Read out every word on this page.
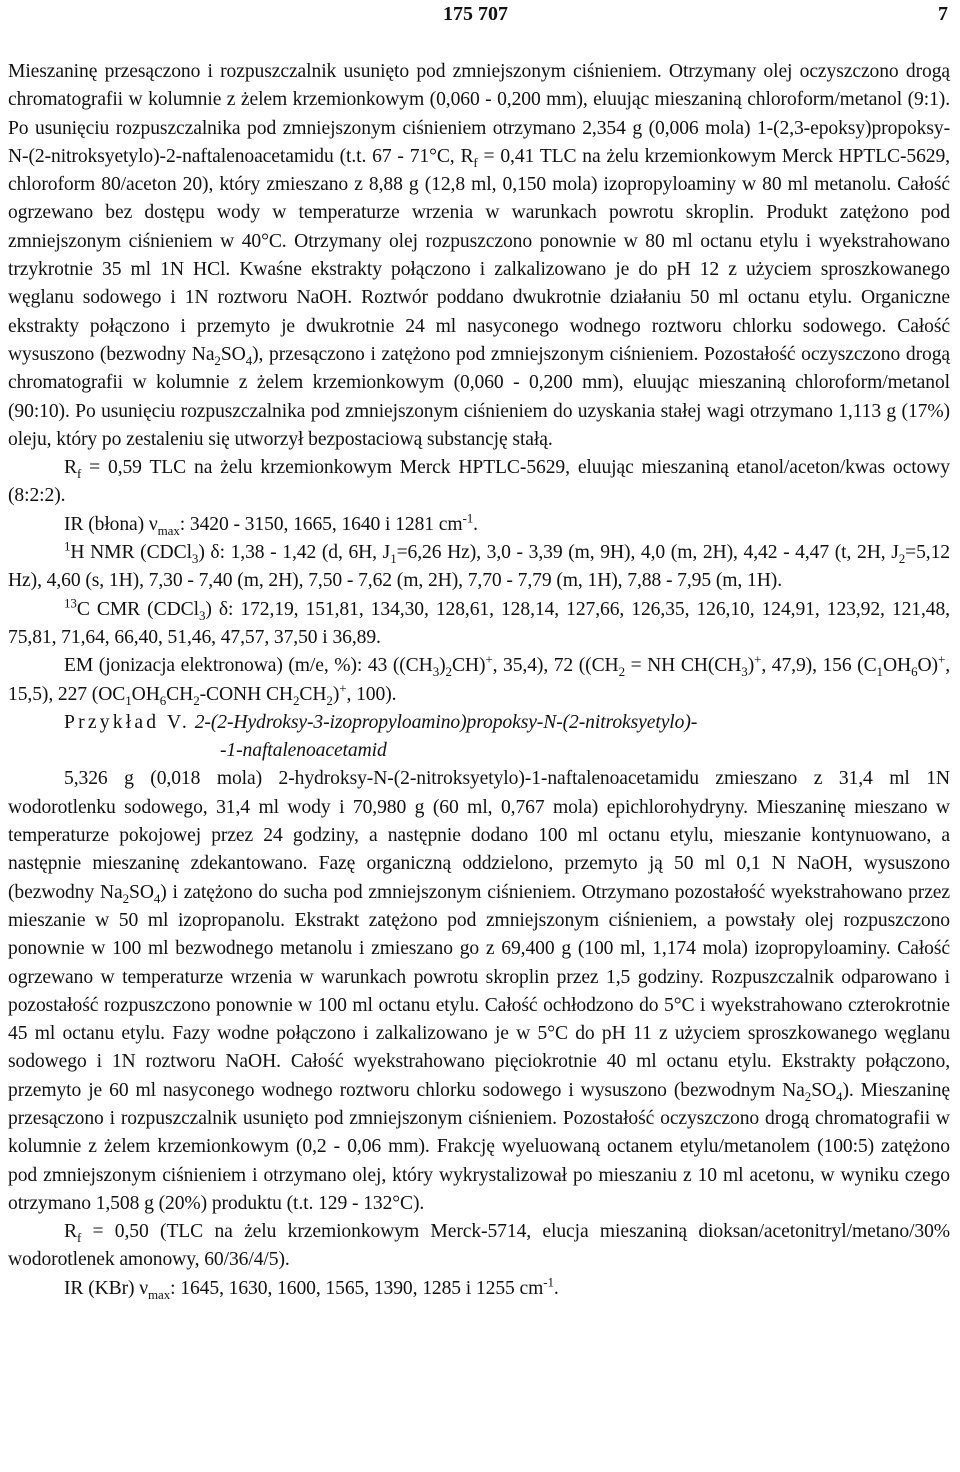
175 707	7

Mieszaninę przesączono i rozpuszczalnik usunięto pod zmniejszonym ciśnieniem. Otrzymany olej oczyszczono drogą chromatografii w kolumnie z żelem krzemionkowym (0,060 - 0,200 mm), eluując mieszaniną chloroform/metanol (9:1). Po usunięciu rozpuszczalnika pod zmniejszonym ciśnieniem otrzymano 2,354 g (0,006 mola) 1-(2,3-epoksy)propoksy-N-(2-nitroksyetylo)-2-naftalenoacetamidu (t.t. 67 - 71°C, $R_f = 0,41$ TLC na żelu krzemionkowym Merck HPTLC-5629, chloroform 80/aceton 20), który zmieszano z 8,88 g (12,8 ml, 0,150 mola) izopropyloaminy w 80 ml metanolu. Całość ogrzewano bez dostępu wody w temperaturze wrzenia w warunkach powrotu skroplin. Produkt zatężono pod zmniejszonym ciśnieniem w 40°C. Otrzymany olej rozpuszczono ponownie w 80 ml octanu etylu i wyekstrahowano trzykrotnie 35 ml 1N HCl. Kwaśne ekstrakty połączono i zalkalizowano je do pH 12 z użyciem sproszkowanego węglanu sodowego i 1N roztworu NaOH. Roztwór poddano dwukrotnie działaniu 50 ml octanu etylu. Organiczne ekstrakty połączono i przemyto je dwukrotnie 24 ml nasyconego wodnego roztworu chlorku sodowego. Całość wysuszono (bezwodny $Na_2SO_4$), przesączono i zatężono pod zmniejszonym ciśnieniem. Pozostałość oczyszczono drogą chromatografii w kolumnie z żelem krzemionkowym (0,060 - 0,200 mm), eluując mieszaniną chloroform/metanol (90:10). Po usunięciu rozpuszczalnika pod zmniejszonym ciśnieniem do uzyskania stałej wagi otrzymano 1,113 g (17%) oleju, który po zestaleniu się utworzył bezpostaciową substancję stałą.

$R_f = 0,59$ TLC na żelu krzemionkowym Merck HPTLC-5629, eluując mieszaniną etanol/aceton/kwas octowy (8:2:2).

IR (błona) $\nu_{max}$: 3420 - 3150, 1665, 1640 i 1281 $cm^{-1}$.

$^1$H NMR (CDCl$_3$) δ: 1,38 - 1,42 (d, 6H, $J_1=6,26$ Hz), 3,0 - 3,39 (m, 9H), 4,0 (m, 2H), 4,42 - 4,47 (t, 2H, $J_2=5,12$ Hz), 4,60 (s, 1H), 7,30 - 7,40 (m, 2H), 7,50 - 7,62 (m, 2H), 7,70 - 7,79 (m, 1H), 7,88 - 7,95 (m, 1H).

$^{13}$C CMR (CDCl$_3$) δ: 172,19, 151,81, 134,30, 128,61, 128,14, 127,66, 126,35, 126,10, 124,91, 123,92, 121,48, 75,81, 71,64, 66,40, 51,46, 47,57, 37,50 i 36,89.

EM (jonizacja elektronowa) (m/e, %): 43 $((CH_3)_2CH)^+$, 35,4), 72 (($CH_2$ = NH $CH(CH_3)^+$, 47,9), 156 $(C_1OH_6O)^+$, 15,5), 227 ($OC_1OH_6CH_2$-CONH $CH_2CH_2)^+$, 100).

Przykład V. 2-(2-Hydroksy-3-izopropyloamino)propoksy-N-(2-nitroksyetylo)-

-1-naftalenoacetamid

5,326 g (0,018 mola) 2-hydroksy-N-(2-nitroksyetylo)-1-naftalenoacetamidu zmieszano z 31,4 ml 1N wodorotlenku sodowego, 31,4 ml wody i 70,980 g (60 ml, 0,767 mola) epichlorohydryny. Mieszaninę mieszano w temperaturze pokojowej przez 24 godziny, a następnie dodano 100 ml octanu etylu, mieszanie kontynuowano, a następnie mieszaninę zdekantowano. Fazę organiczną oddzielono, przemyto ją 50 ml 0,1 N NaOH, wysuszono (bezwodny $Na_2SO_4$) i zatężono do sucha pod zmniejszonym ciśnieniem. Otrzymano pozostałość wyekstrahowano przez mieszanie w 50 ml izopropanolu. Ekstrakt zatężono pod zmniejszonym ciśnieniem, a powstały olej rozpuszczono ponownie w 100 ml bezwodnego metanolu i zmieszano go z 69,400 g (100 ml, 1,174 mola) izopropyloaminy. Całość ogrzewano w temperaturze wrzenia w warunkach powrotu skroplin przez 1,5 godziny. Rozpuszczalnik odparowano i pozostałość rozpuszczono ponownie w 100 ml octanu etylu. Całość ochłodzono do 5°C i wyekstrahowano czterokrotnie 45 ml octanu etylu. Fazy wodne połączono i zalkalizowano je w 5°C do pH 11 z użyciem sproszkowanego węglanu sodowego i 1N roztworu NaOH. Całość wyekstrahowano pięciokrotnie 40 ml octanu etylu. Ekstrakty połączono, przemyto je 60 ml nasyconego wodnego roztworu chlorku sodowego i wysuszono (bezwodnym $Na_2SO_4$). Mieszaninę przesączono i rozpuszczalnik usunięto pod zmniejszonym ciśnieniem. Pozostałość oczyszczono drogą chromatografii w kolumnie z żelem krzemionkowym (0,2 - 0,06 mm). Frakcję wyeluowaną octanem etylu/metanolem (100:5) zatężono pod zmniejszonym ciśnieniem i otrzymano olej, który wykrystalizował po mieszaniu z 10 ml acetonu, w wyniku czego otrzymano 1,508 g (20%) produktu (t.t. 129 - 132°C).

$R_f = 0,50$ (TLC na żelu krzemionkowym Merck-5714, elucja mieszaniną dioksan/acetonitryl/metano/30% wodorotlenek amonowy, 60/36/4/5).

IR (KBr) $\nu_{max}$: 1645, 1630, 1600, 1565, 1390, 1285 i 1255 $cm^{-1}$.
